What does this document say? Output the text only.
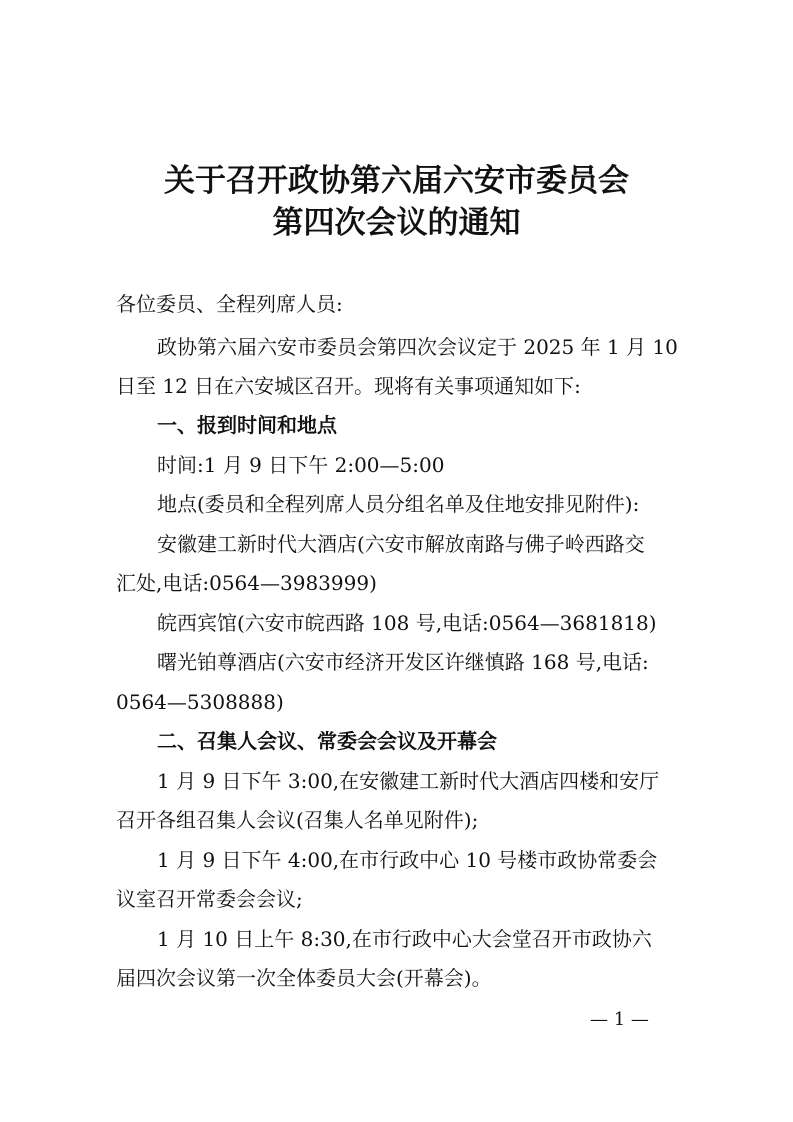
关于召开政协第六届六安市委员会
第四次会议的通知
各位委员、全程列席人员:
政协第六届六安市委员会第四次会议定于 2025 年 1 月 10
日至 12 日在六安城区召开。现将有关事项通知如下:
一、报到时间和地点
时间:1 月 9 日下午 2:00—5:00
地点(委员和全程列席人员分组名单及住地安排见附件):
安徽建工新时代大酒店(六安市解放南路与佛子岭西路交
汇处,电话:0564—3983999)
皖西宾馆(六安市皖西路 108 号,电话:0564—3681818)
曙光铂尊酒店(六安市经济开发区许继慎路 168 号,电话:
0564—5308888)
二、召集人会议、常委会会议及开幕会
1 月 9 日下午 3:00,在安徽建工新时代大酒店四楼和安厅
召开各组召集人会议(召集人名单见附件);
1 月 9 日下午 4:00,在市行政中心 10 号楼市政协常委会
议室召开常委会会议;
1 月 10 日上午 8:30,在市行政中心大会堂召开市政协六
届四次会议第一次全体委员大会(开幕会)。
— 1 —
